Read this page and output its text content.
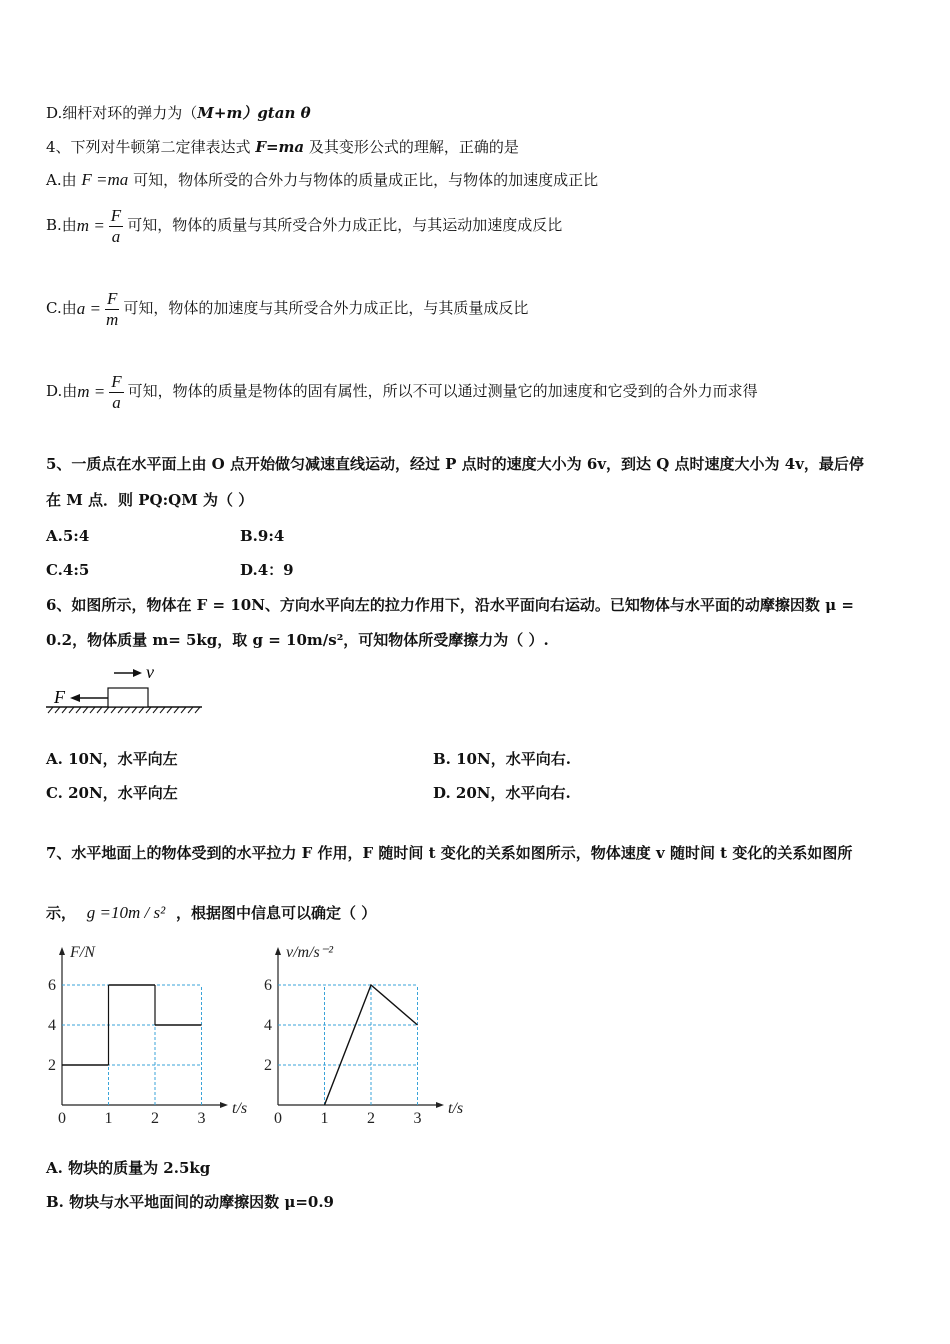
D.细杆对环的弹力为（M+m）gtan θ
4、下列对牛顿第二定律表达式 F=ma 及其变形公式的理解，正确的是
A.由 F =ma 可知，物体所受的合外力与物体的质量成正比，与物体的加速度成正比
B.由$m = \frac{F}{a}$ 可知，物体的质量与其所受合外力成正比，与其运动加速度成反比
C.由$a = \frac{F}{m}$ 可知，物体的加速度与其所受合外力成正比，与其质量成反比
D.由$m = \frac{F}{a}$ 可知，物体的质量是物体的固有属性，所以不可以通过测量它的加速度和它受到的合外力而求得
5、一质点在水平面上由 O 点开始做匀减速直线运动，经过 P 点时的速度大小为 6v，到达 Q 点时速度大小为 4v，最后停
在 M 点．则 PQ:QM 为（ ）
A.5:4	B.9:4
C.4:5	D.4：9
6、如图所示，物体在 F = 10N、方向水平向左的拉力作用下，沿水平面向右运动。已知物体与水平面的动摩擦因数 μ =
0.2，物体质量 m= 5kg，取 g = 10m/s²，可知物体所受摩擦力为（ ）.
F
v
A. 10N，水平向左	B. 10N，水平向右.
C. 20N，水平向左	D. 20N，水平向右.
7、水平地面上的物体受到的水平拉力 F 作用，F 随时间 t 变化的关系如图所示，物体速度 v 随时间 t 变化的关系如图所
示， g =10m / s² ，根据图中信息可以确定（ ）
0 1 2 3
2
4
6
t/s
F/N
0 1 2 3
2
4
6
t/s
v/m/s⁻²
A. 物块的质量为 2.5kg
B. 物块与水平地面间的动摩擦因数 μ=0.9
